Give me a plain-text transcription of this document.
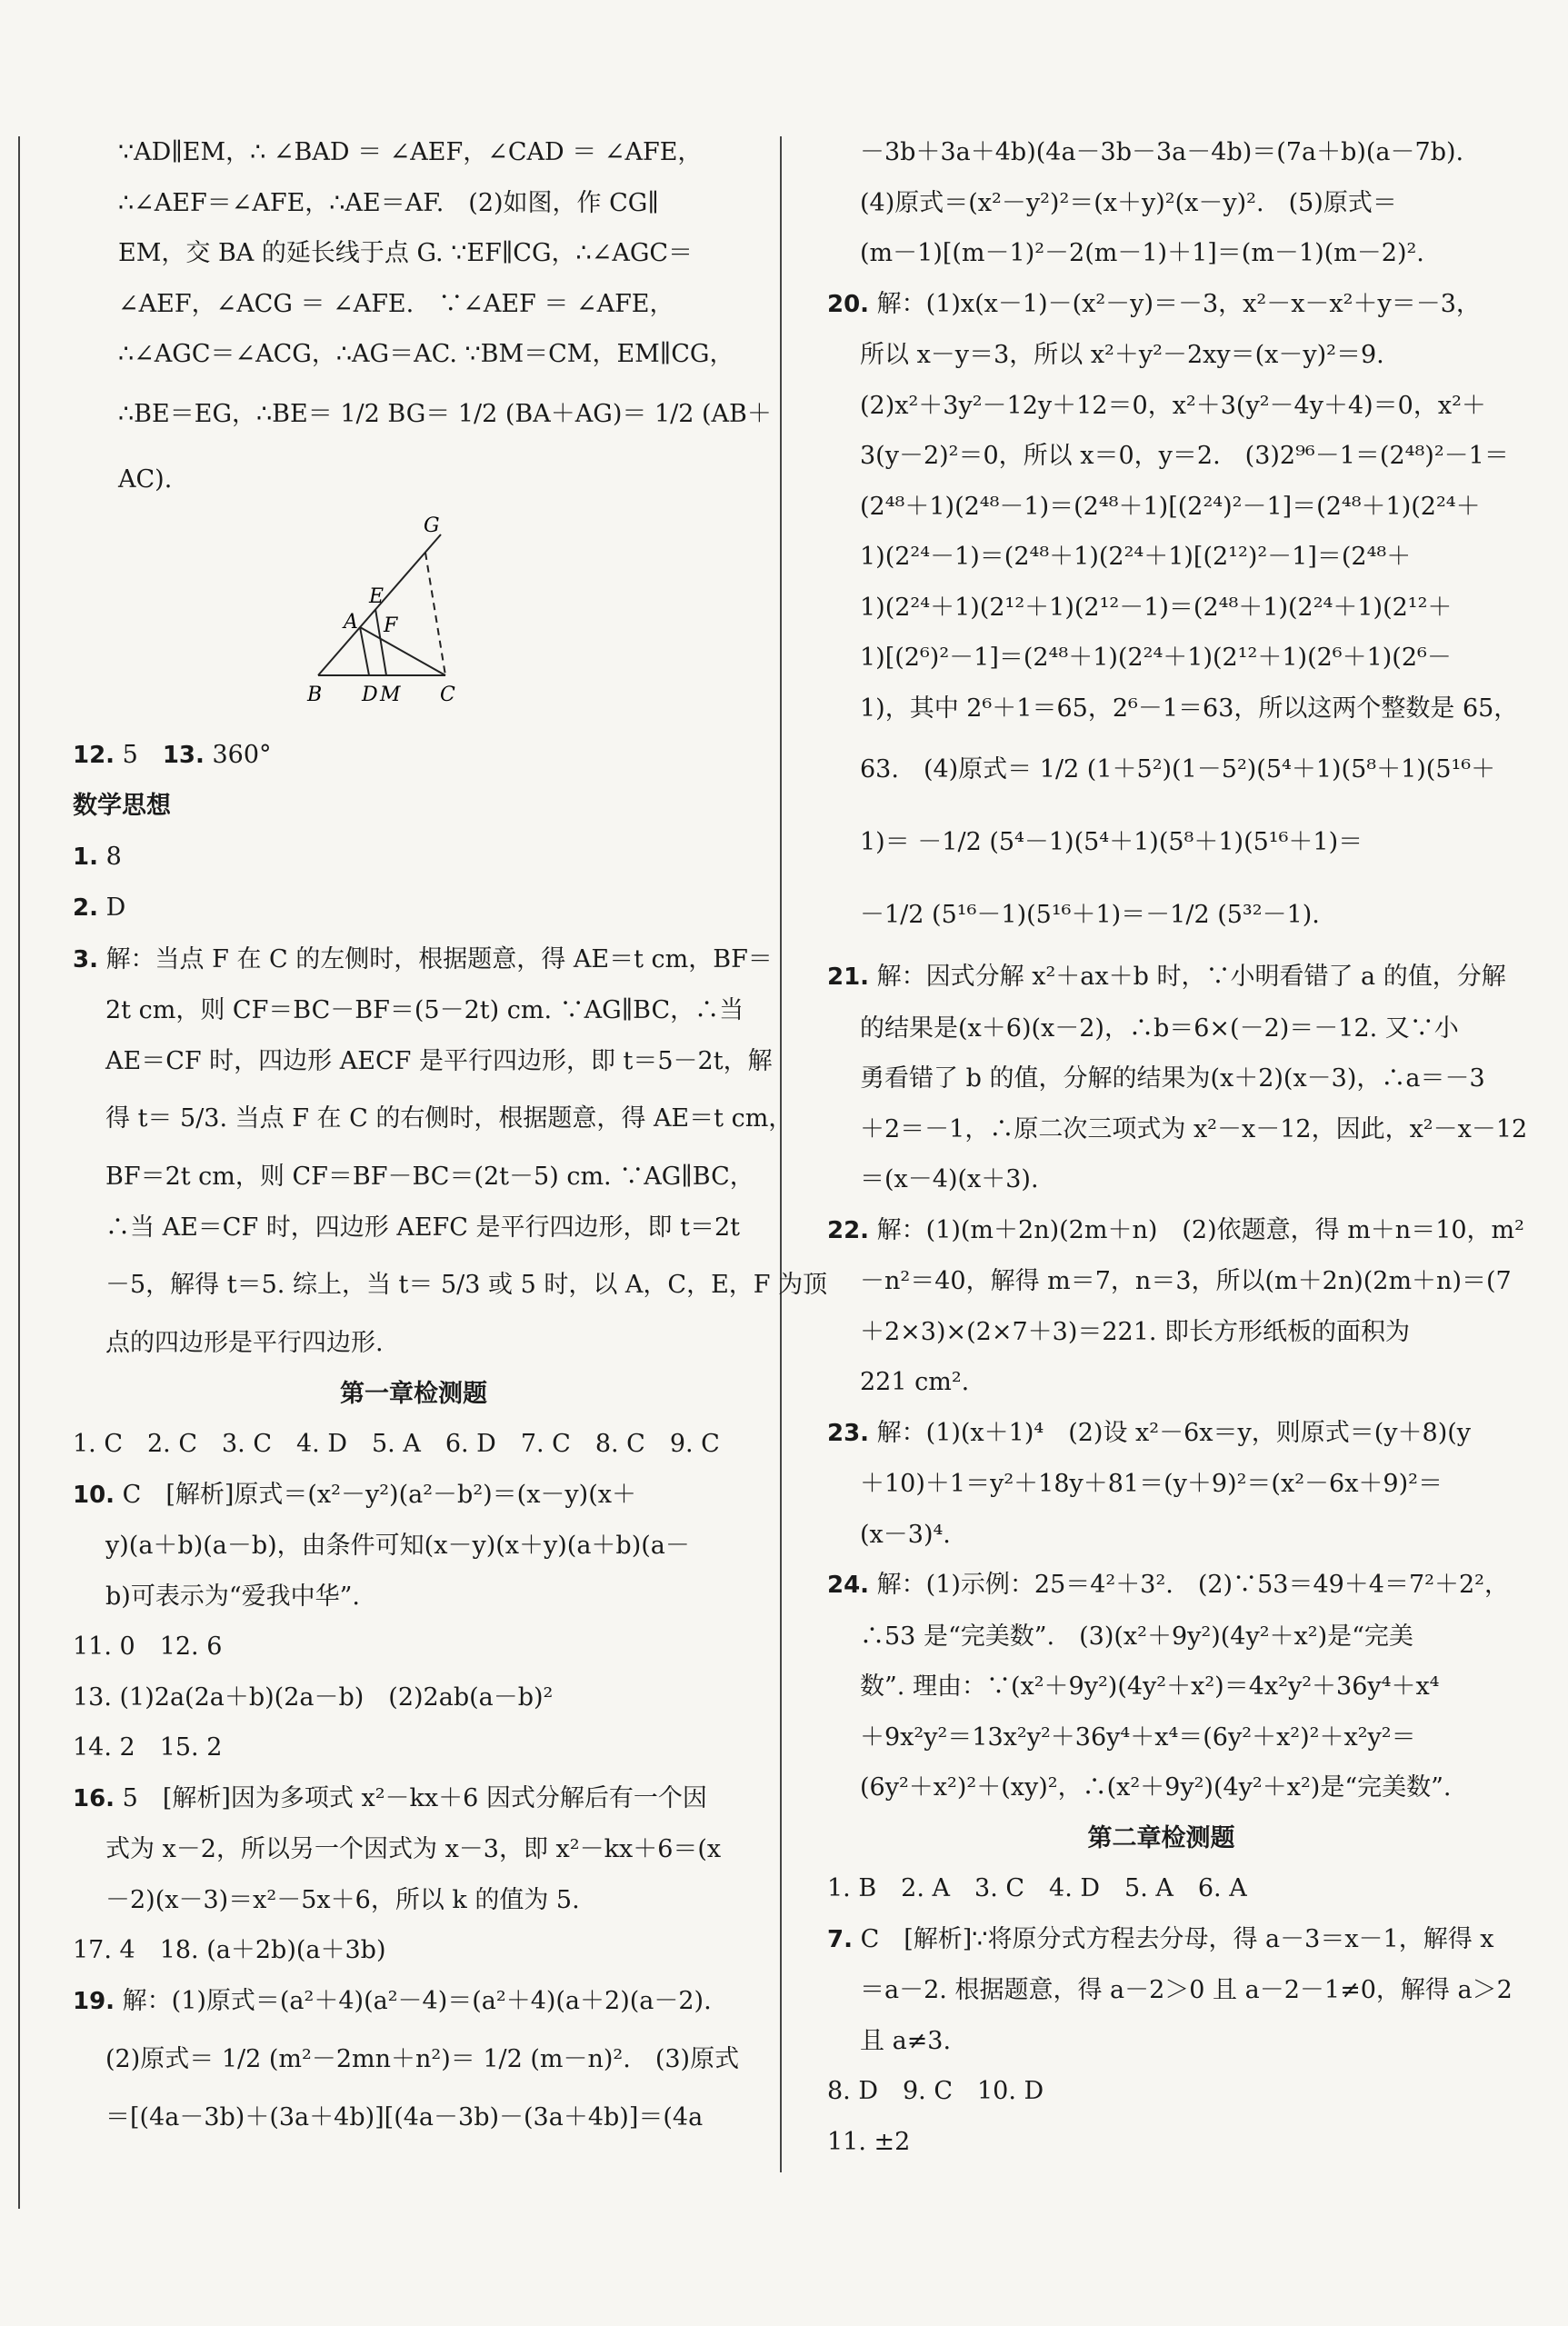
∵AD∥EM，∴ ∠BAD ＝ ∠AEF，∠CAD ＝ ∠AFE，

∴∠AEF＝∠AFE，∴AE＝AF.　(2)如图，作 CG∥

EM，交 BA 的延长线于点 G. ∵EF∥CG，∴∠AGC＝

∠AEF，∠ACG ＝ ∠AFE.　∵∠AEF ＝ ∠AFE，

∴∠AGC＝∠ACG，∴AG＝AC. ∵BM＝CM，EM∥CG，

∴BE＝EG，∴BE＝ 1/2 BG＝ 1/2 (BA＋AG)＝ 1/2 (AB＋

AC).

G
E
A F
B D M C

12. 5　 13. 360°

数学思想

1. 8

2. D

3. 解：当点 F 在 C 的左侧时，根据题意，得 AE＝t cm，BF＝

2t cm，则 CF＝BC－BF＝(5－2t) cm. ∵AG∥BC，∴当

AE＝CF 时，四边形 AECF 是平行四边形，即 t＝5－2t，解

得 t＝ 5/3. 当点 F 在 C 的右侧时，根据题意，得 AE＝t cm，

BF＝2t cm，则 CF＝BF－BC＝(2t－5) cm. ∵AG∥BC，

∴当 AE＝CF 时，四边形 AEFC 是平行四边形，即 t＝2t

－5，解得 t＝5. 综上，当 t＝ 5/3 或 5 时，以 A，C，E，F 为顶

点的四边形是平行四边形.

第一章检测题

1. C　2. C　3. C　4. D　5. A　6. D　7. C　8. C　9. C

10. C　[解析]原式＝(x²－y²)(a²－b²)＝(x－y)(x＋

y)(a＋b)(a－b)，由条件可知(x－y)(x＋y)(a＋b)(a－

b)可表示为“爱我中华”.

11. 0　12. 6

13. (1)2a(2a＋b)(2a－b)　(2)2ab(a－b)²

14. 2　15. 2

16. 5　[解析]因为多项式 x²－kx＋6 因式分解后有一个因

式为 x－2，所以另一个因式为 x－3，即 x²－kx＋6＝(x

－2)(x－3)＝x²－5x＋6，所以 k 的值为 5.

17. 4　18. (a＋2b)(a＋3b)

19. 解：(1)原式＝(a²＋4)(a²－4)＝(a²＋4)(a＋2)(a－2).

(2)原式＝ 1/2 (m²－2mn＋n²)＝ 1/2 (m－n)².　(3)原式

＝[(4a－3b)＋(3a＋4b)][(4a－3b)－(3a＋4b)]＝(4a

－3b＋3a＋4b)(4a－3b－3a－4b)＝(7a＋b)(a－7b).

(4)原式＝(x²－y²)²＝(x＋y)²(x－y)².　(5)原式＝

(m－1)[(m－1)²－2(m－1)＋1]＝(m－1)(m－2)².

20. 解：(1)x(x－1)－(x²－y)＝－3，x²－x－x²＋y＝－3，

所以 x－y＝3，所以 x²＋y²－2xy＝(x－y)²＝9.

(2)x²＋3y²－12y＋12＝0，x²＋3(y²－4y＋4)＝0，x²＋

3(y－2)²＝0，所以 x＝0，y＝2.　(3)2⁹⁶－1＝(2⁴⁸)²－1＝

(2⁴⁸＋1)(2⁴⁸－1)＝(2⁴⁸＋1)[(2²⁴)²－1]＝(2⁴⁸＋1)(2²⁴＋

1)(2²⁴－1)＝(2⁴⁸＋1)(2²⁴＋1)[(2¹²)²－1]＝(2⁴⁸＋

1)(2²⁴＋1)(2¹²＋1)(2¹²－1)＝(2⁴⁸＋1)(2²⁴＋1)(2¹²＋

1)[(2⁶)²－1]＝(2⁴⁸＋1)(2²⁴＋1)(2¹²＋1)(2⁶＋1)(2⁶－

1)，其中 2⁶＋1＝65，2⁶－1＝63，所以这两个整数是 65，

63.　(4)原式＝ 1/2 (1＋5²)(1－5²)(5⁴＋1)(5⁸＋1)(5¹⁶＋

1)＝ －1/2 (5⁴－1)(5⁴＋1)(5⁸＋1)(5¹⁶＋1)＝

－1/2 (5¹⁶－1)(5¹⁶＋1)＝－1/2 (5³²－1).

21. 解：因式分解 x²＋ax＋b 时，∵小明看错了 a 的值，分解

的结果是(x＋6)(x－2)，∴b＝6×(－2)＝－12. 又∵小

勇看错了 b 的值，分解的结果为(x＋2)(x－3)，∴a＝－3

＋2＝－1，∴原二次三项式为 x²－x－12，因此，x²－x－12

＝(x－4)(x＋3).

22. 解：(1)(m＋2n)(2m＋n)　(2)依题意，得 m＋n＝10，m²

－n²＝40，解得 m＝7，n＝3，所以(m＋2n)(2m＋n)＝(7

＋2×3)×(2×7＋3)＝221. 即长方形纸板的面积为

221 cm².

23. 解：(1)(x＋1)⁴　(2)设 x²－6x＝y，则原式＝(y＋8)(y

＋10)＋1＝y²＋18y＋81＝(y＋9)²＝(x²－6x＋9)²＝

(x－3)⁴.

24. 解：(1)示例：25＝4²＋3².　(2)∵53＝49＋4＝7²＋2²，

∴53 是“完美数”.　(3)(x²＋9y²)(4y²＋x²)是“完美

数”. 理由：∵(x²＋9y²)(4y²＋x²)＝4x²y²＋36y⁴＋x⁴

＋9x²y²＝13x²y²＋36y⁴＋x⁴＝(6y²＋x²)²＋x²y²＝

(6y²＋x²)²＋(xy)²，∴(x²＋9y²)(4y²＋x²)是“完美数”.

第二章检测题

1. B　2. A　3. C　4. D　5. A　6. A

7. C　[解析]∵将原分式方程去分母，得 a－3＝x－1，解得 x

＝a－2. 根据题意，得 a－2＞0 且 a－2－1≠0，解得 a＞2

且 a≠3.

8. D　9. C　10. D

11. ±2
